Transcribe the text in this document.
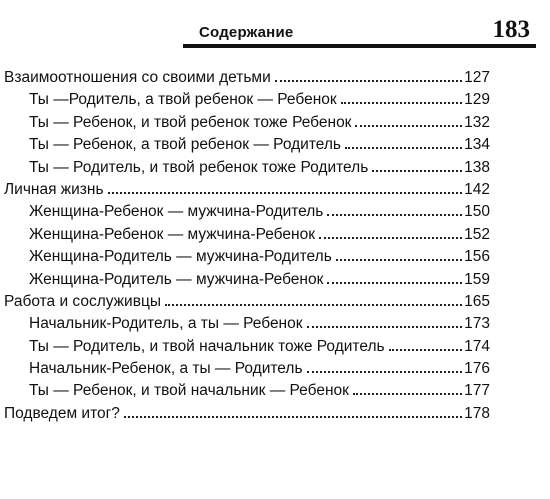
Содержание	183
Взаимоотношения со своими детьми	127
Ты —Родитель, а твой ребенок — Ребенок	129
Ты — Ребенок, и твой ребенок тоже Ребенок	132
Ты — Ребенок, а твой ребенок — Родитель	134
Ты — Родитель, и твой ребенок тоже Родитель	138
Личная жизнь	142
Женщина-Ребенок — мужчина-Родитель	150
Женщина-Ребенок — мужчина-Ребенок	152
Женщина-Родитель — мужчина-Родитель	156
Женщина-Родитель — мужчина-Ребенок	159
Работа и сослуживцы	165
Начальник-Родитель, а ты — Ребенок	173
Ты — Родитель, и твой начальник тоже Родитель	174
Начальник-Ребенок, а ты — Родитель	176
Ты — Ребенок, и твой начальник — Ребенок	177
Подведем итог?	178
